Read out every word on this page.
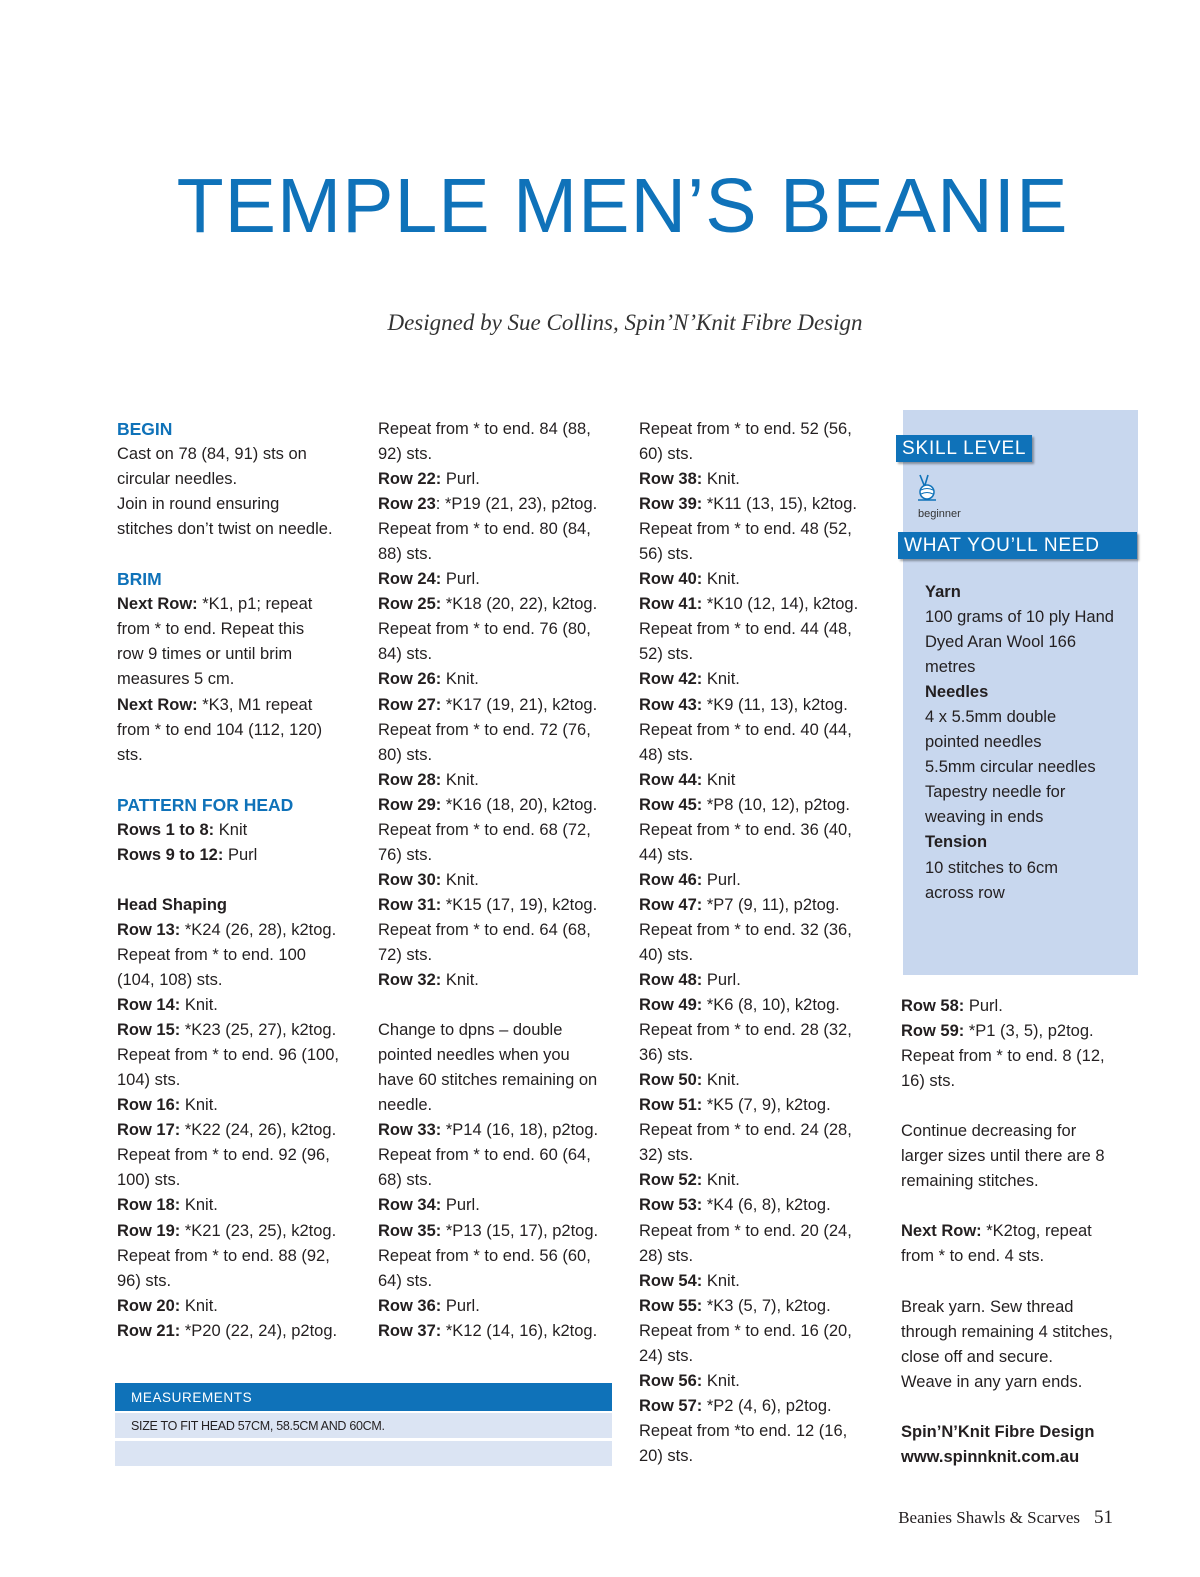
TEMPLE MEN’S BEANIE
Designed by Sue Collins, Spin’N’Knit Fibre Design

BEGIN

Cast on 78 (84, 91) sts on

circular needles.

Join in round ensuring

stitches don’t twist on needle.

BRIM

Next Row: *K1, p1; repeat

from * to end. Repeat this

row 9 times or until brim

measures 5 cm.

Next Row: *K3, M1 repeat

from * to end 104 (112, 120)

sts.

PATTERN FOR HEAD

Rows 1 to 8: Knit

Rows 9 to 12: Purl

Head Shaping

Row 13: *K24 (26, 28), k2tog.

Repeat from * to end. 100

(104, 108) sts.

Row 14: Knit.

Row 15: *K23 (25, 27), k2tog.

Repeat from * to end. 96 (100,

104) sts.

Row 16: Knit.

Row 17: *K22 (24, 26), k2tog.

Repeat from * to end. 92 (96,

100) sts.

Row 18: Knit.

Row 19: *K21 (23, 25), k2tog.

Repeat from * to end. 88 (92,

96) sts.

Row 20: Knit.

Row 21: *P20 (22, 24), p2tog.

Repeat from * to end. 84 (88,

92) sts.

Row 22: Purl.

Row 23: *P19 (21, 23), p2tog.

Repeat from * to end. 80 (84,

88) sts.

Row 24: Purl.

Row 25: *K18 (20, 22), k2tog.

Repeat from * to end. 76 (80,

84) sts.

Row 26: Knit.

Row 27: *K17 (19, 21), k2tog.

Repeat from * to end. 72 (76,

80) sts.

Row 28: Knit.

Row 29: *K16 (18, 20), k2tog.

Repeat from * to end. 68 (72,

76) sts.

Row 30: Knit.

Row 31: *K15 (17, 19), k2tog.

Repeat from * to end. 64 (68,

72) sts.

Row 32: Knit.

Change to dpns – double

pointed needles when you

have 60 stitches remaining on

needle.

Row 33: *P14 (16, 18), p2tog.

Repeat from * to end. 60 (64,

68) sts.

Row 34: Purl.

Row 35: *P13 (15, 17), p2tog.

Repeat from * to end. 56 (60,

64) sts.

Row 36: Purl.

Row 37: *K12 (14, 16), k2tog.

Repeat from * to end. 52 (56,

60) sts.

Row 38: Knit.

Row 39: *K11 (13, 15), k2tog.

Repeat from * to end. 48 (52,

56) sts.

Row 40: Knit.

Row 41: *K10 (12, 14), k2tog.

Repeat from * to end. 44 (48,

52) sts.

Row 42: Knit.

Row 43: *K9 (11, 13), k2tog.

Repeat from * to end. 40 (44,

48) sts.

Row 44: Knit

Row 45: *P8 (10, 12), p2tog.

Repeat from * to end. 36 (40,

44) sts.

Row 46: Purl.

Row 47: *P7 (9, 11), p2tog.

Repeat from * to end. 32 (36,

40) sts.

Row 48: Purl.

Row 49: *K6 (8, 10), k2tog.

Repeat from * to end. 28 (32,

36) sts.

Row 50: Knit.

Row 51: *K5 (7, 9), k2tog.

Repeat from * to end. 24 (28,

32) sts.

Row 52: Knit.

Row 53: *K4 (6, 8), k2tog.

Repeat from * to end. 20 (24,

28) sts.

Row 54: Knit.

Row 55: *K3 (5, 7), k2tog.

Repeat from * to end. 16 (20,

24) sts.

Row 56: Knit.

Row 57: *P2 (4, 6), p2tog.

Repeat from *to end. 12 (16,

20) sts.

Row 58: Purl.

Row 59: *P1 (3, 5), p2tog.

Repeat from * to end. 8 (12,

16) sts.

Continue decreasing for

larger sizes until there are 8

remaining stitches.

Next Row: *K2tog, repeat

from * to end. 4 sts.

Break yarn. Sew thread

through remaining 4 stitches,

close off and secure.

Weave in any yarn ends.

Spin’N’Knit Fibre Design

www.spinnknit.com.au

SKILL LEVEL
beginner
WHAT YOU’LL NEED

Yarn

100 grams of 10 ply Hand

Dyed Aran Wool 166

metres

Needles

4 x 5.5mm double

pointed needles

5.5mm circular needles

Tapestry needle for

weaving in ends

Tension

10 stitches to 6cm

across row

MEASUREMENTS
SIZE TO FIT HEAD 57CM, 58.5CM AND 60CM.
Beanies Shawls & Scarves 51
